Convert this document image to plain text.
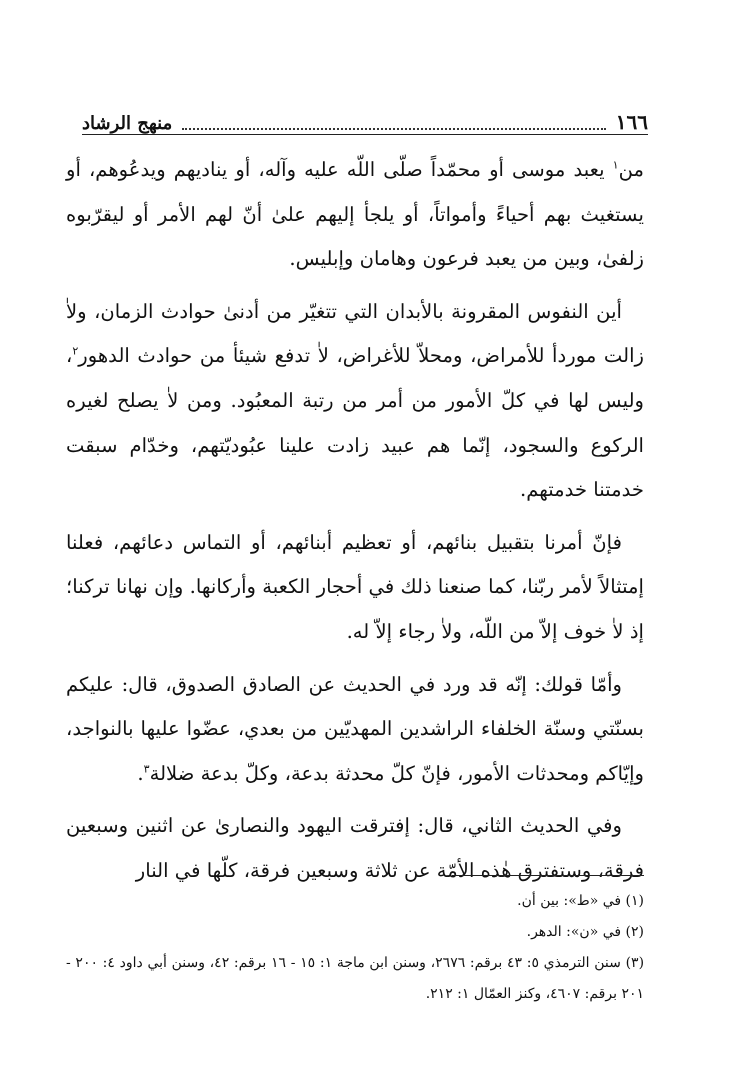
١٦٦
منهج الرشاد

من$^١$ يعبد موسى أو محمّداً صلّى اللّه عليه وآله، أو يناديهم ويدعُوهم، أو يستغيث بهم أحياءً وأمواتاً، أو يلجأ إليهم علىٰ أنّ لهم الأمر أو ليقرّبوه زلفىٰ، وبين من يعبد فرعون وهامان وإبليس.

أين النفوس المقرونة بالأبدان التي تتغيّر من أدنىٰ حوادث الزمان، ولاٰ زالت موردأ للأمراض، ومحلاّ للأغراض، لاٰ تدفع شيئأ من حوادث الدهور$^٢$، وليس لها في كلّ الأمور من أمر من رتبة المعبُود. ومن لاٰ يصلح لغيره الركوع والسجود، إنّما هم عبيد زادت علينا عبُوديّتهم، وخدّام سبقت خدمتنا خدمتهم.

فإنّ أمرنا بتقبيل بنائهم، أو تعظيم أبنائهم، أو التماس دعائهم، فعلنا إمتثالاً لأمر ربّنا، كما صنعنا ذلك في أحجار الكعبة وأركانها. وإن نهانا تركنا؛ إذ لاٰ خوف إلاّ من اللّه، ولاٰ رجاء إلاّ له.

وأمّا قولك: إنّه قد ورد في الحديث عن الصادق الصدوق، قال: عليكم بسنّتي وسنّة الخلفاء الراشدين المهديّين من بعدي، عضّوا عليها بالنواجد، وإيّاكم ومحدثات الأمور، فإنّ كلّ محدثة بدعة، وكلّ بدعة ضلالة$^٣$.

وفي الحديث الثاني، قال: إفترقت اليهود والنصارىٰ عن اثنين وسبعين فرقة، وستفترق هٰذه الأمّة عن ثلاثة وسبعين فرقة، كلّها في النار

(١) في «ط»: بين أن.
(٢) في «ن»: الدهر.
(٣) سنن الترمذي ٥: ٤٣ برقم: ٢٦٧٦، وسنن ابن ماجة ١: ١٥ - ١٦ برقم: ٤٢، وسنن أبي داود ٤: ٢٠٠ - ٢٠١ برقم: ٤٦٠٧، وكنز العمّال ١: ٢١٢.
